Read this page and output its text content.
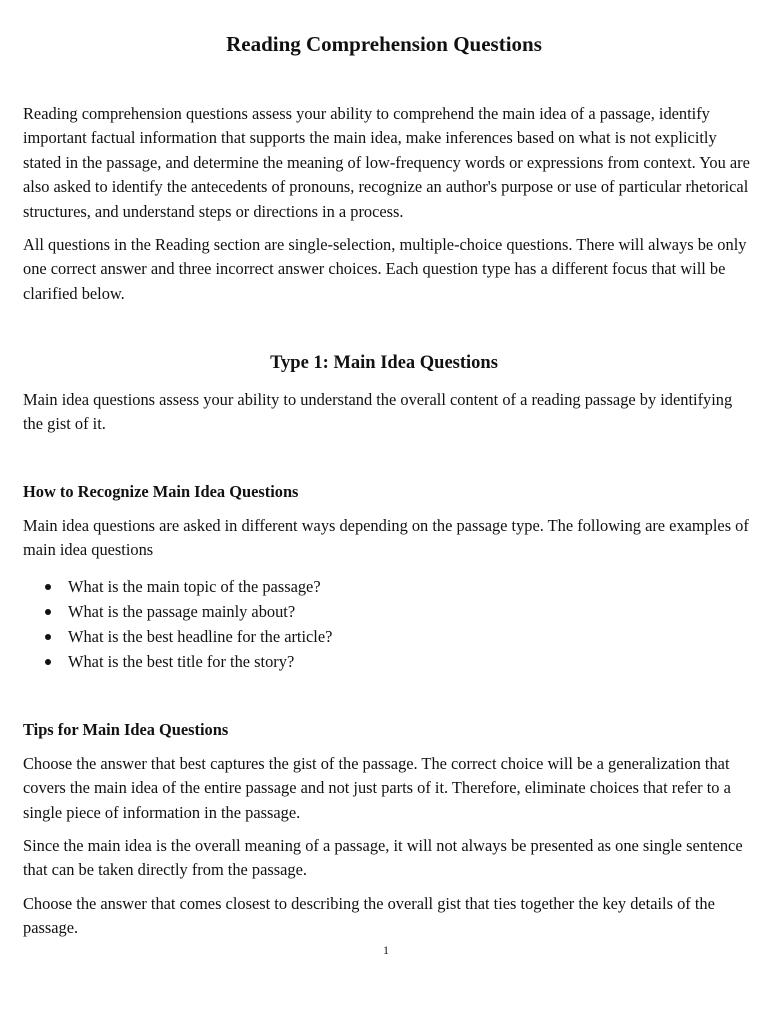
Reading Comprehension Questions

Reading comprehension questions assess your ability to comprehend the main idea of a passage, identify important factual information that supports the main idea, make inferences based on what is not explicitly stated in the passage, and determine the meaning of low-frequency words or expressions from context. You are also asked to identify the antecedents of pronouns, recognize an author's purpose or use of particular rhetorical structures, and understand steps or directions in a process.

All questions in the Reading section are single-selection, multiple-choice questions. There will always be only one correct answer and three incorrect answer choices. Each question type has a different focus that will be clarified below.

Type 1: Main Idea Questions

Main idea questions assess your ability to understand the overall content of a reading passage by identifying the gist of it.

How to Recognize Main Idea Questions

Main idea questions are asked in different ways depending on the passage type. The following are examples of main idea questions

What is the main topic of the passage?
What is the passage mainly about?
What is the best headline for the article?
What is the best title for the story?
Tips for Main Idea Questions

Choose the answer that best captures the gist of the passage. The correct choice will be a generalization that covers the main idea of the entire passage and not just parts of it. Therefore, eliminate choices that refer to a single piece of information in the passage.

Since the main idea is the overall meaning of a passage, it will not always be presented as one single sentence that can be taken directly from the passage.

Choose the answer that comes closest to describing the overall gist that ties together the key details of the passage.

1
